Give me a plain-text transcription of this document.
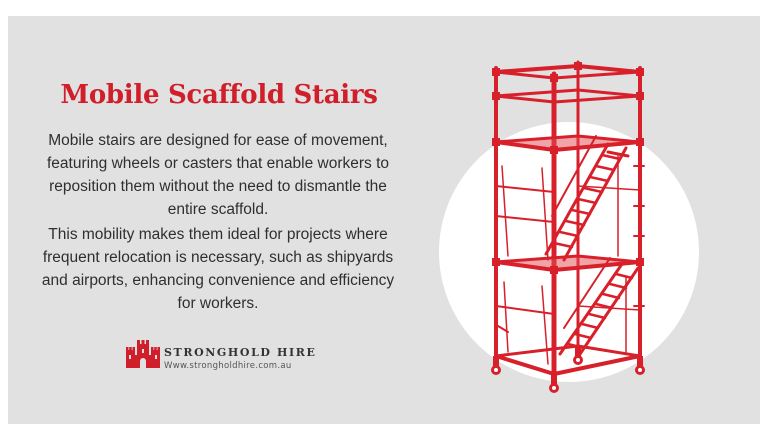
Mobile Scaffold Stairs
Mobile stairs are designed for ease of movement, featuring wheels or casters that enable workers to reposition them without the need to dismantle the entire scaffold.
This mobility makes them ideal for projects where frequent relocation is necessary, such as shipyards and airports, enhancing convenience and efficiency for workers.
STRONGHOLD HIRE
Www.strongholdhire.com.au
